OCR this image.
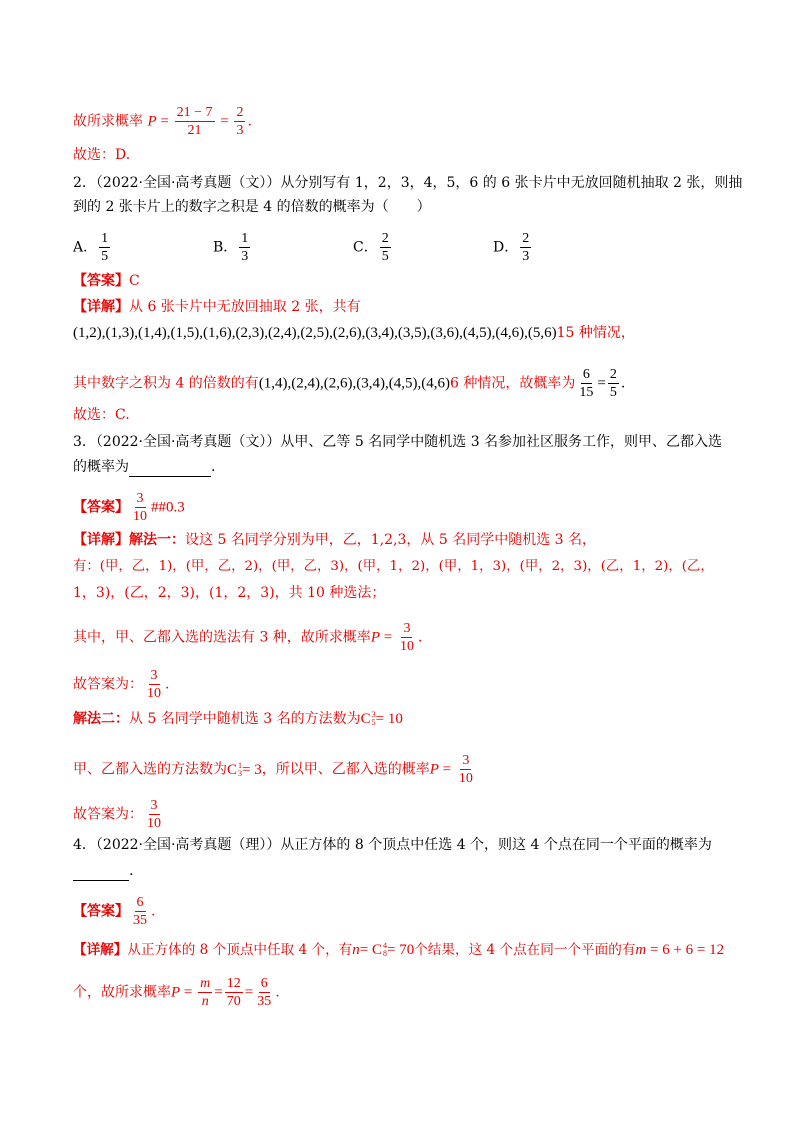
故所求概率 $P = \frac{21 - 7}{21} = \frac{2}{3}$ .
故选：D.
2．（2022·全国·高考真题（文））从分别写有 1，2，3，4，5，6 的 6 张卡片中无放回随机抽取 2 张，则抽
到的 2 张卡片上的数字之积是 4 的倍数的概率为（　　）
A． $\frac{1}{5}$	B． $\frac{1}{3}$	C． $\frac{2}{5}$	D． $\frac{2}{3}$
【答案】C
【详解】从 6 张卡片中无放回抽取 2 张，共有
(1,2),(1,3),(1,4),(1,5),(1,6),(2,3),(2,4),(2,5),(2,6),(3,4),(3,5),(3,6),(4,5),(4,6),(5,6)15 种情况，
其中数字之积为 4 的倍数的有(1,4),(2,4),(2,6),(3,4),(4,5),(4,6)6 种情况，故概率为 $\frac{6}{15} = \frac{2}{5}$ .
故选：C.
3．（2022·全国·高考真题（文））从甲、乙等 5 名同学中随机选 3 名参加社区服务工作，则甲、乙都入选
的概率为	.
【答案】 $\frac{3}{10}$ ##0.3
【详解】解法一：设这 5 名同学分别为甲，乙，1,2,3，从 5 名同学中随机选 3 名，
有：(甲，乙，1)，(甲，乙，2)，(甲，乙，3)，(甲，1，2)，(甲，1，3)，(甲，2，3)，(乙，1，2)，(乙，
1，3)，(乙，2，3)，(1，2，3)，共 10 种选法；
其中，甲、乙都入选的选法有 3 种，故所求概率$P = \frac{3}{10}$ .
故答案为： $\frac{3}{10}$ .
解法二：从 5 名同学中随机选 3 名的方法数为 C 3
5 = 10
甲、乙都入选的方法数为 C 1
3 = 3 ，所以甲、乙都入选的概率$P = \frac{3}{10}$
故答案为： $\frac{3}{10}$
4．（2022·全国·高考真题（理））从正方体的 8 个顶点中任选 4 个，则这 4 个点在同一个平面的概率为
.
【答案】 $\frac{6}{35}$ .
【详解】从正方体的 8 个顶点中任取 4 个，有n = C 4
8 = 70 个结果，这 4 个点在同一个平面的有m = 6 + 6 = 12
个，故所求概率$P = \frac{m}{n} = \frac{12}{70} = \frac{6}{35}$ .
